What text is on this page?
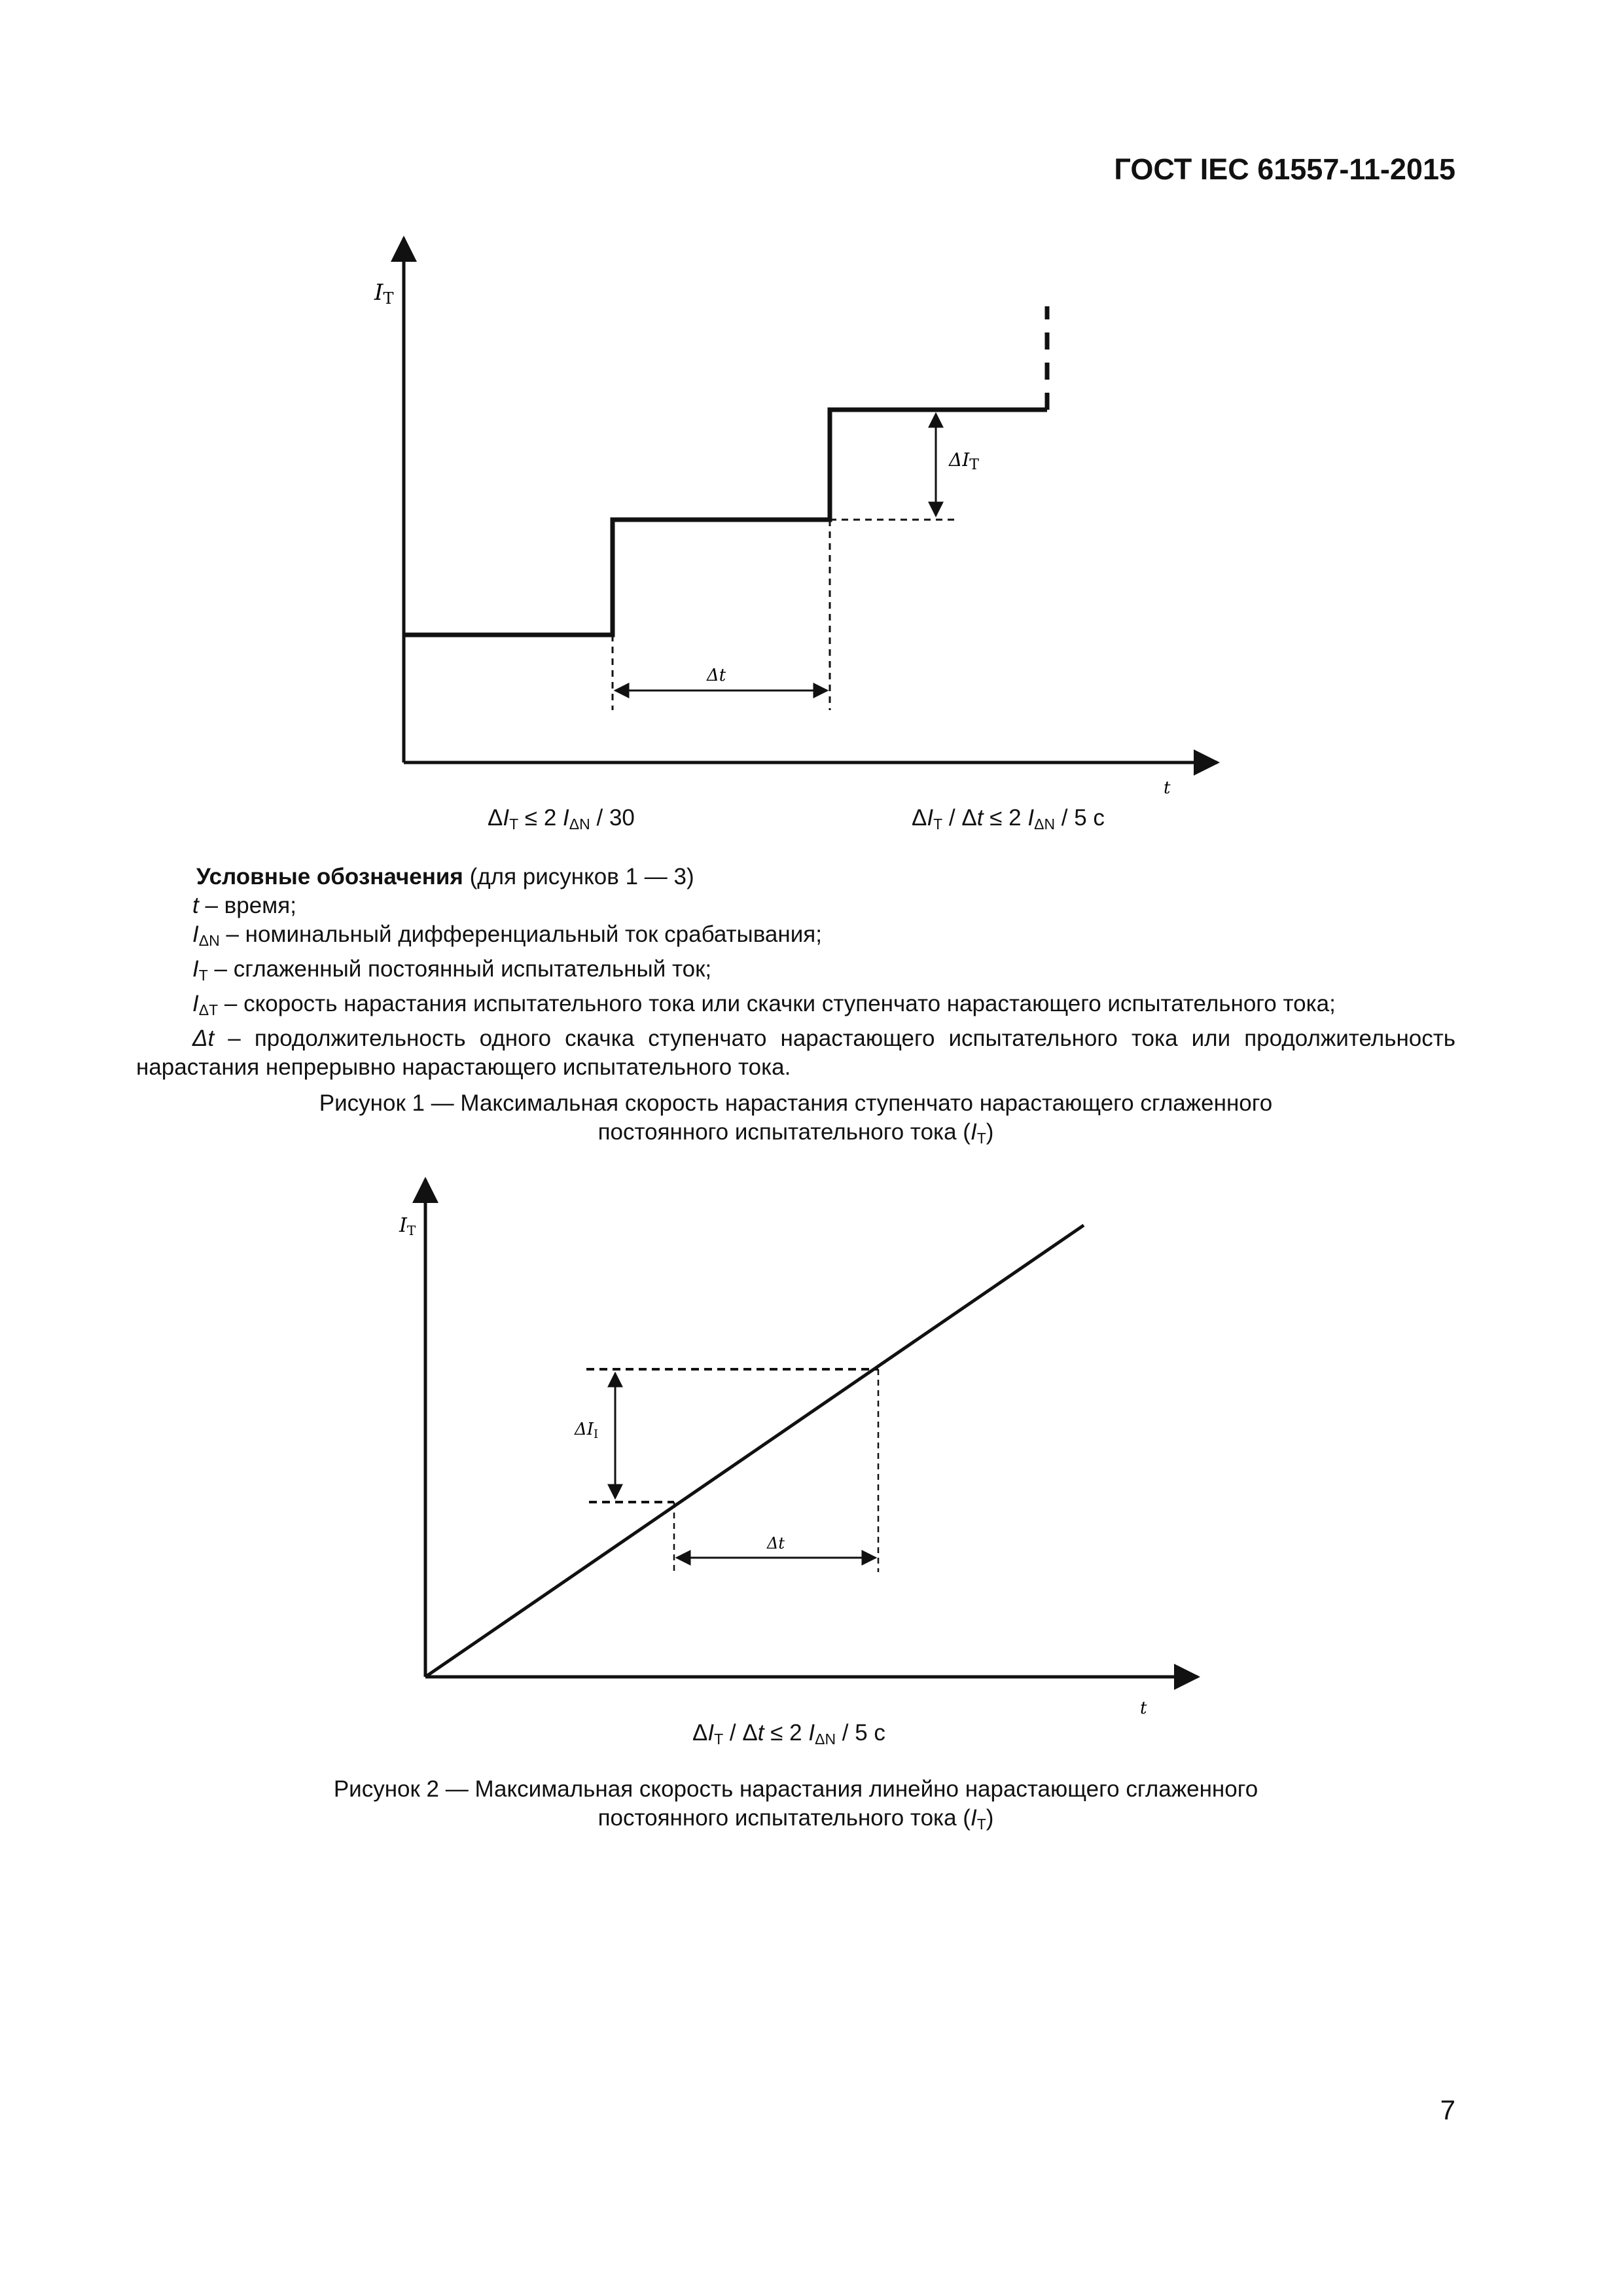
ГОСТ IEC 61557-11-2015
IT
t
ΔIT
Δt
$\Delta I_T \le 2$ $I_{\Delta N} / 30$	$\Delta I_T / \Delta t \le 2$ $I_{\Delta N} / 5$ с
Условные обозначения (для рисунков 1 — 3)
t – время;
$I_{\Delta N}$ – номинальный дифференциальный ток срабатывания;
$I_T$ – сглаженный постоянный испытательный ток;
$I_{\Delta T}$ – скорость нарастания испытательного тока или скачки ступенчато нарастающего испытательного тока;
Δt – продолжительность одного скачка ступенчато нарастающего испытательного тока или продолжительность нарастания непрерывно нарастающего испытательного тока.
Рисунок 1 — Максимальная скорость нарастания ступенчато нарастающего сглаженного
постоянного испытательного тока $(I_T)$
IT
t
ΔII
Δt
$\Delta I_T / \Delta t \le 2$ $I_{\Delta N} / 5$ с
Рисунок 2 — Максимальная скорость нарастания линейно нарастающего сглаженного
постоянного испытательного тока $(I_T)$
7
